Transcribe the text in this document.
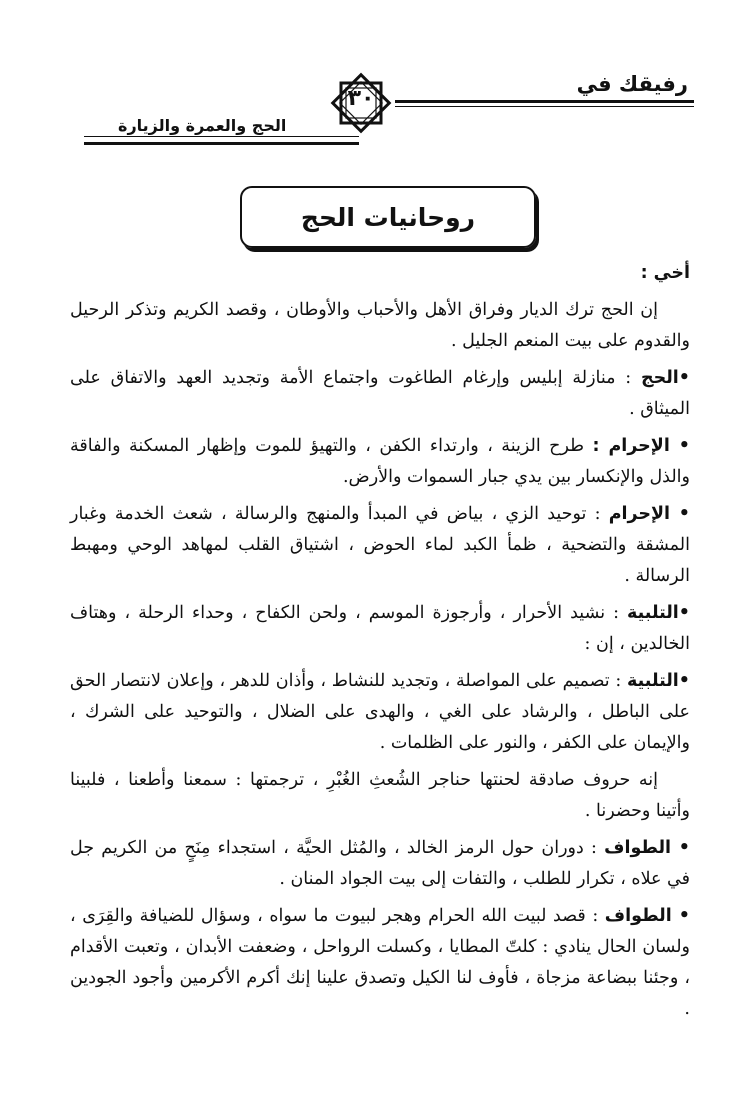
رفيقك في
٣٠
الحج والعمرة والزيارة
روحانيات الحج

أخي :

إن الحج ترك الديار وفراق الأهل والأحباب والأوطان ، وقصد الكريم وتذكر الرحيل والقدوم على بيت المنعم الجليل .

•الحج : منازلة إبليس وإرغام الطاغوت واجتماع الأمة وتجديد العهد والاتفاق على الميثاق .

• الإحرام : طرح الزينة ، وارتداء الكفن ، والتهيؤ للموت وإظهار المسكنة والفاقة والذل والإنكسار بين يدي جبار السموات والأرض.

• الإحرام : توحيد الزي ، بياض في المبدأ والمنهج والرسالة ، شعث الخدمة وغبار المشقة والتضحية ، ظمأ الكبد لماء الحوض ، اشتياق القلب لمهاهد الوحي ومهبط الرسالة .

•التلبية : نشيد الأحرار ، وأرجوزة الموسم ، ولحن الكفاح ، وحداء الرحلة ، وهتاف الخالدين ، إن :

•التلبية : تصميم على المواصلة ، وتجديد للنشاط ، وأذان للدهر ، وإعلان لانتصار الحق على الباطل ، والرشاد على الغي ، والهدى على الضلال ، والتوحيد على الشرك ، والإيمان على الكفر ، والنور على الظلمات .

إنه حروف صادقة لحنتها حناجر الشُعثِ الغُبْرِ ، ترجمتها : سمعنا وأطعنا ، فلبينا وأتينا وحضرنا .

• الطواف : دوران حول الرمز الخالد ، والمُثل الحيَّة ، استجداء مِنَحٍ من الكريم جل في علاه ، تكرار للطلب ، والتفات إلى بيت الجواد المنان .

• الطواف : قصد لبيت الله الحرام وهجر لبيوت ما سواه ، وسؤال للضيافة والقِرَى ، ولسان الحال ينادي : كلتّ المطايا ، وكسلت الرواحل ، وضعفت الأبدان ، وتعبت الأقدام ، وجئنا ببضاعة مزجاة ، فأوف لنا الكيل وتصدق علينا إنك أكرم الأكرمين وأجود الجودين .
